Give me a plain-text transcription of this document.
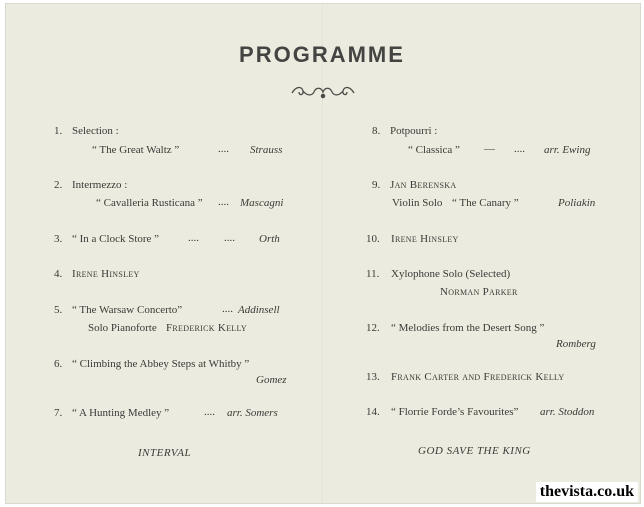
PROGRAMME
1. Selection :
“ The Great Waltz ”	.... Strauss
2. Intermezzo :
“ Cavalleria Rusticana ” .... Mascagni
3. “ In a Clock Store ”	.... .... Orth
4. Irene Hinsley
5. “ The Warsaw Concerto”	.... Addinsell
Solo Pianoforte Frederick Kelly
6. “ Climbing the Abbey Steps at Whitby ”
Gomez
7. “ A Hunting Medley ”	.... arr. Somers
INTERVAL
8. Potpourri :
“ Classica ” — .... arr. Ewing
9. Jan Berenska
Violin Solo “ The Canary ”	Poliakin
10. Irene Hinsley
11. Xylophone Solo (Selected)
Norman Parker
12. “ Melodies from the Desert Song ”
Romberg
13. Frank Carter and Frederick Kelly
14. “ Florrie Forde’s Favourites” arr. Stoddon
GOD SAVE THE KING
thevista.co.uk
